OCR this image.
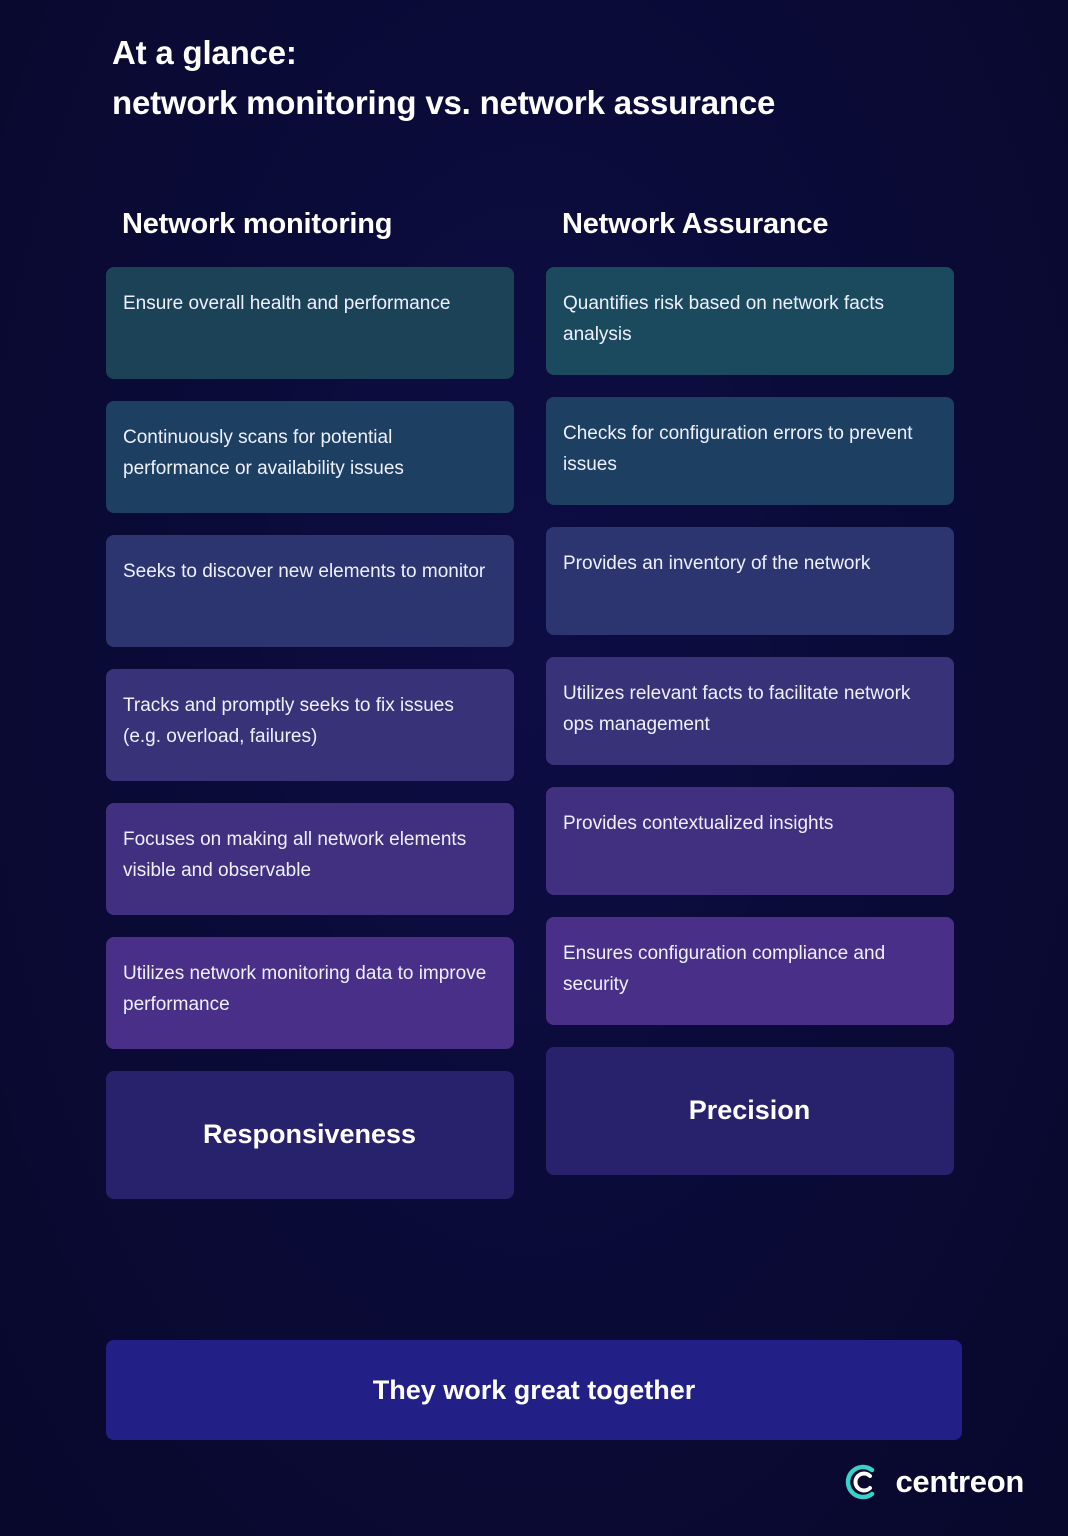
At a glance:
network monitoring vs. network assurance
Network monitoring
Ensure overall health and performance
Continuously scans for potential performance or availability issues
Seeks to discover new elements to monitor
Tracks and promptly seeks to fix issues (e.g. overload, failures)
Focuses on making all network elements visible and observable
Utilizes network monitoring data to improve performance
Responsiveness
Network Assurance
Quantifies risk based on network facts analysis
Checks for configuration errors to prevent issues
Provides an inventory of the network
Utilizes relevant facts to facilitate network ops management
Provides contextualized insights
Ensures configuration compliance and security
Precision
They work great together
centreon
